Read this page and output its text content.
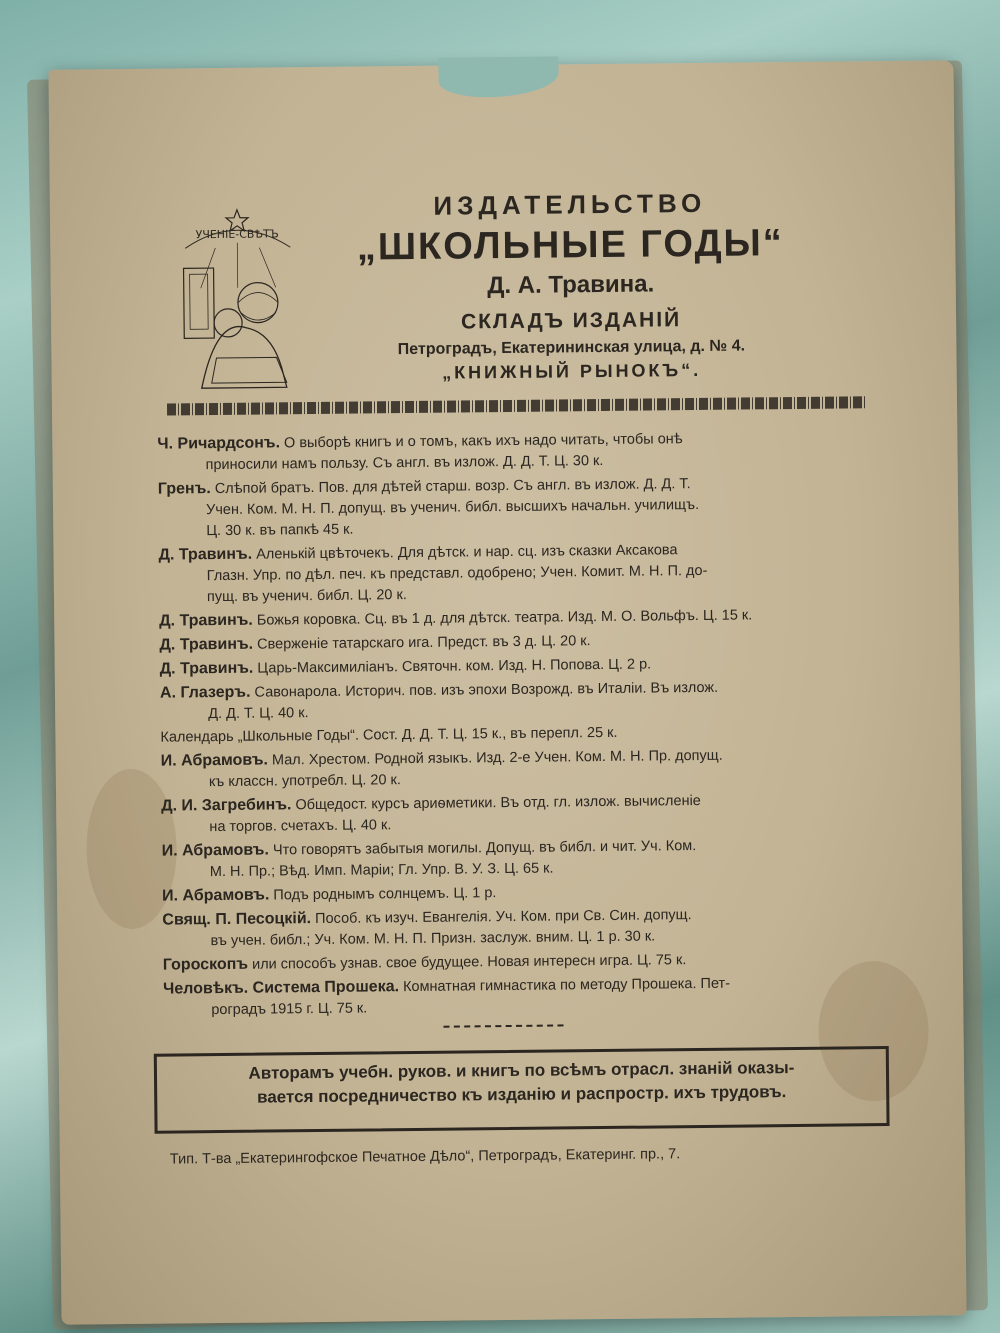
УЧЕНIЕ-СВѢТЪ

ИЗДАТЕЛЬСТВО

„ШКОЛЬНЫЕ ГОДЫ“

Д. А. Травина.

СКЛАДЪ ИЗДАНІЙ

Петроградъ, Екатерининская улица, д. № 4.

„КНИЖНЫЙ РЫНОКЪ“.

Ч. Ричардсонъ. О выборѣ книгъ и о томъ, какъ ихъ надо читать, чтобы онѣ
приносили намъ пользу. Съ англ. въ излож. Д. Д. Т. Ц. 30 к.
Гренъ. Слѣпой братъ. Пов. для дѣтей старш. возр. Съ англ. въ излож. Д. Д. Т.
Учен. Ком. М. Н. П. допущ. въ ученич. библ. высшихъ начальн. училищъ.
Ц. 30 к. въ папкѣ 45 к.
Д. Травинъ. Аленькій цвѣточекъ. Для дѣтск. и нар. сц. изъ сказки Аксакова
Глазн. Упр. по дѣл. печ. къ представл. одобрено; Учен. Комит. М. Н. П. до-
пущ. въ ученич. библ. Ц. 20 к.
Д. Травинъ. Божья коровка. Сц. въ 1 д. для дѣтск. театра. Изд. М. О. Вольфъ. Ц. 15 к.
Д. Травинъ. Сверженіе татарскаго ига. Предст. въ 3 д. Ц. 20 к.
Д. Травинъ. Царь-Максимиліанъ. Святочн. ком. Изд. Н. Попова. Ц. 2 р.
А. Глазеръ. Савонарола. Историч. пов. изъ эпохи Возрожд. въ Италіи. Въ излож.
Д. Д. Т. Ц. 40 к.
Календарь „Школьные Годы“. Сост. Д. Д. Т. Ц. 15 к., въ перепл. 25 к.
И. Абрамовъ. Мал. Хрестом. Родной языкъ. Изд. 2-е Учен. Ком. М. Н. Пр. допущ.
къ классн. употребл. Ц. 20 к.
Д. И. Загребинъ. Общедост. курсъ ариѳметики. Въ отд. гл. излож. вычисленіе
на торгов. счетахъ. Ц. 40 к.
И. Абрамовъ. Что говорятъ забытыя могилы. Допущ. въ библ. и чит. Уч. Ком.
М. Н. Пр.; Вѣд. Имп. Маріи; Гл. Упр. В. У. З. Ц. 65 к.
И. Абрамовъ. Подъ роднымъ солнцемъ. Ц. 1 р.
Свящ. П. Песоцкій. Пособ. къ изуч. Евангелія. Уч. Ком. при Св. Син. допущ.
въ учен. библ.; Уч. Ком. М. Н. П. Призн. заслуж. вним. Ц. 1 р. 30 к.
Гороскопъ или способъ узнав. свое будущее. Новая интересн игра. Ц. 75 к.
Человѣкъ. Система Прошека. Комнатная гимнастика по методу Прошека. Пет-
роградъ 1915 г. Ц. 75 к.
Авторамъ учебн. руков. и книгъ по всѣмъ отрасл. знаній оказы-
вается посредничество къ изданію и распростр. ихъ трудовъ.
Тип. Т-ва „Екатерингофское Печатное Дѣло“, Петроградъ, Екатеринг. пр., 7.
